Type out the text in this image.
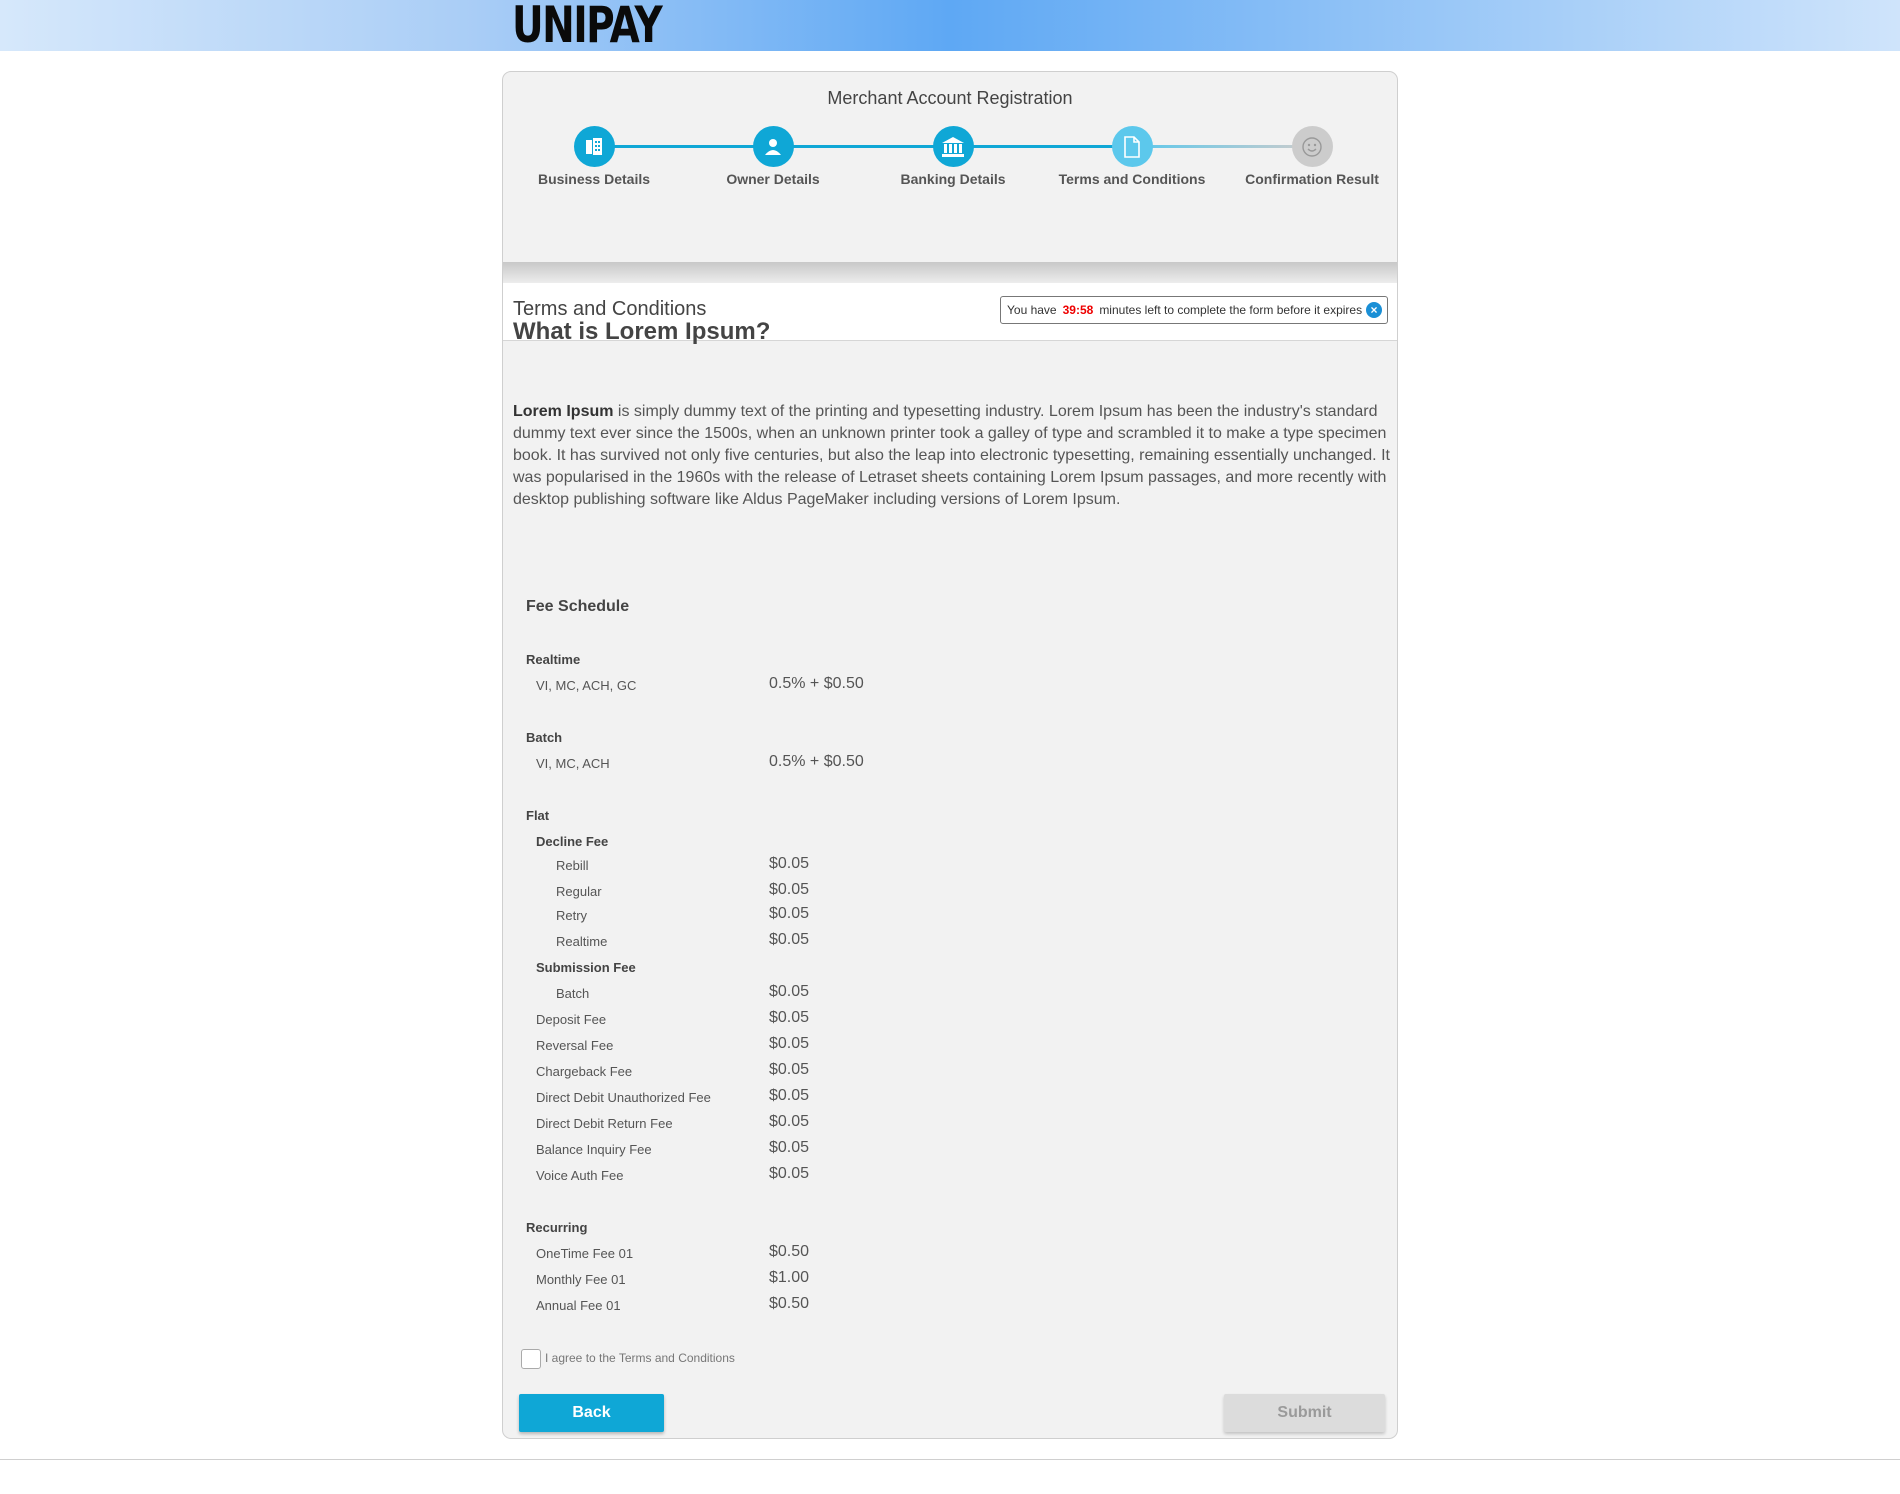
UNIPAY
Merchant Account Registration
Business Details	Owner Details	Banking Details	Terms and Conditions	Confirmation Result
Terms and Conditions	You have 39:58 minutes left to complete the form before it expires ×
What is Lorem Ipsum?
Lorem Ipsum is simply dummy text of the printing and typesetting industry. Lorem Ipsum has been the industry's standard dummy text ever since the 1500s, when an unknown printer took a galley of type and scrambled it to make a type specimen book. It has survived not only five centuries, but also the leap into electronic typesetting, remaining essentially unchanged. It was popularised in the 1960s with the release of Letraset sheets containing Lorem Ipsum passages, and more recently with desktop publishing software like Aldus PageMaker including versions of Lorem Ipsum.
Fee Schedule
Realtime
VI, MC, ACH, GC	0.5% + $0.50
Batch
VI, MC, ACH	0.5% + $0.50
Flat
Decline Fee
Rebill	$0.05
Regular	$0.05
Retry	$0.05
Realtime	$0.05
Submission Fee
Batch	$0.05
Deposit Fee	$0.05
Reversal Fee	$0.05
Chargeback Fee	$0.05
Direct Debit Unauthorized Fee	$0.05
Direct Debit Return Fee	$0.05
Balance Inquiry Fee	$0.05
Voice Auth Fee	$0.05
Recurring
OneTime Fee 01	$0.50
Monthly Fee 01	$1.00
Annual Fee 01	$0.50
I agree to the Terms and Conditions
Back	Submit
